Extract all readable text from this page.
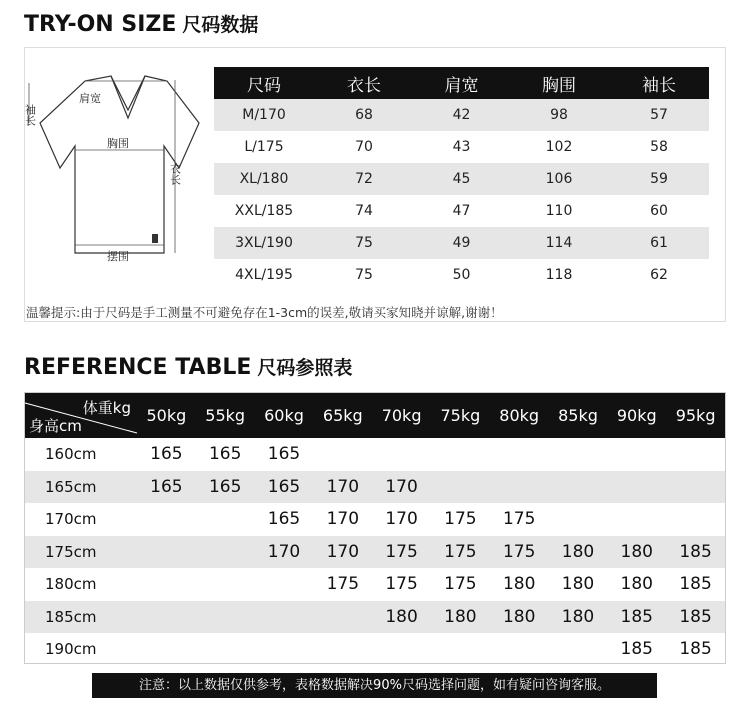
TRY-ON SIZE 尺码数据
肩宽
胸围
摆围
袖长
衣长
尺码	衣长	肩宽	胸围	袖长
M/170	68	42	98	57
L/175	70	43	102	58
XL/180	72	45	106	59
XXL/185	74	47	110	60
3XL/190	75	49	114	61
4XL/195	75	50	118	62
温馨提示:由于尺码是手工测量不可避免存在1-3cm的误差,敬请买家知晓并谅解,谢谢！
REFERENCE TABLE 尺码参照表
体重kg
身高cm	50kg	55kg	60kg	65kg	70kg	75kg	80kg	85kg	90kg	95kg
160cm	165	165	165							
165cm	165	165	165	170	170					
170cm			165	170	170	175	175			
175cm			170	170	175	175	175	180	180	185
180cm				175	175	175	180	180	180	185
185cm					180	180	180	180	185	185
190cm									185	185
注意：以上数据仅供参考，表格数据解决90%尺码选择问题，如有疑问咨询客服。
